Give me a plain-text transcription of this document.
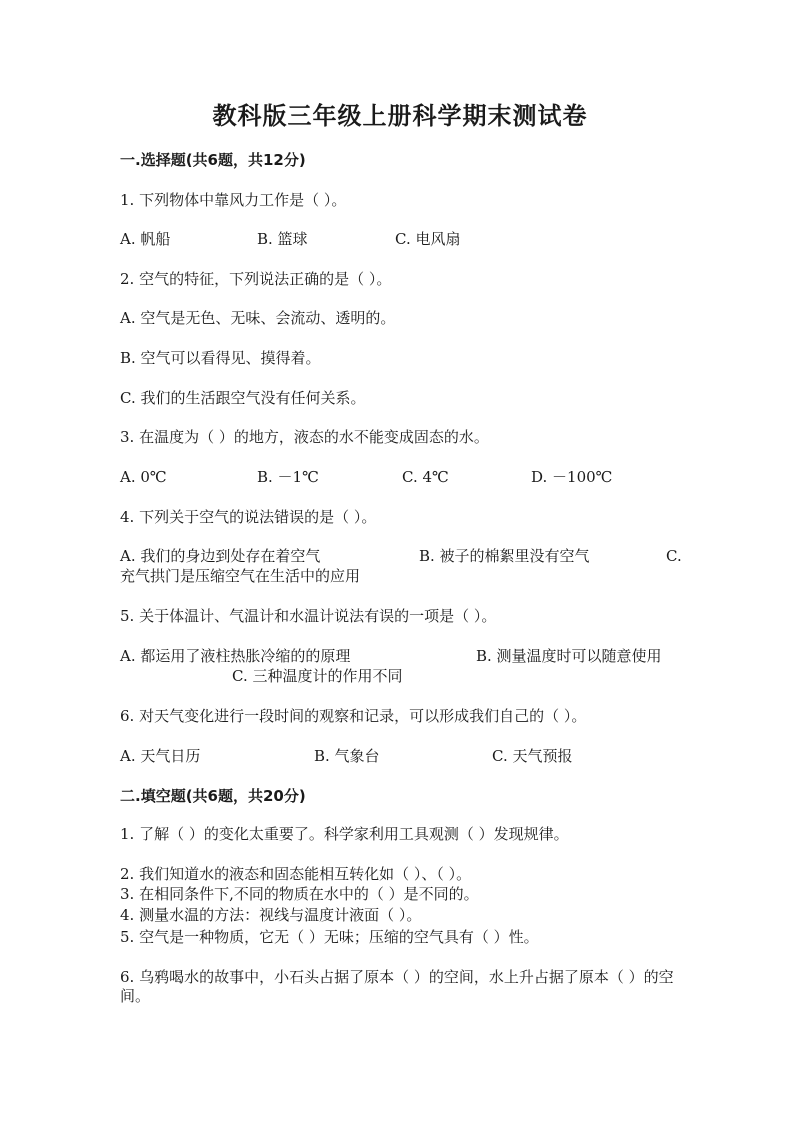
教科版三年级上册科学期末测试卷
一.选择题(共6题，共12分)
1. 下列物体中靠风力工作是（ ）。
A. 帆船	B. 篮球	C. 电风扇
2. 空气的特征，下列说法正确的是（ ）。
A. 空气是无色、无味、会流动、透明的。
B. 空气可以看得见、摸得着。
C. 我们的生活跟空气没有任何关系。
3. 在温度为（ ）的地方，液态的水不能变成固态的水。
A. 0℃	B. －1℃	C. 4℃	D. －100℃
4. 下列关于空气的说法错误的是（ ）。
A. 我们的身边到处存在着空气	B. 被子的棉絮里没有空气	C.
充气拱门是压缩空气在生活中的应用
5. 关于体温计、气温计和水温计说法有误的一项是（ ）。
A. 都运用了液柱热胀冷缩的的原理	B. 测量温度时可以随意使用
C. 三种温度计的作用不同
6. 对天气变化进行一段时间的观察和记录，可以形成我们自己的（ ）。
A. 天气日历	B. 气象台	C. 天气预报
二.填空题(共6题，共20分)
1. 了解（ ）的变化太重要了。科学家利用工具观测（ ）发现规律。
2. 我们知道水的液态和固态能相互转化如（ ）、（ ）。
3. 在相同条件下,不同的物质在水中的（ ）是不同的。
4. 测量水温的方法：视线与温度计液面（ ）。
5. 空气是一种物质，它无（ ）无味；压缩的空气具有（ ）性。
6. 乌鸦喝水的故事中，小石头占据了原本（ ）的空间，水上升占据了原本（ ）的空间。
